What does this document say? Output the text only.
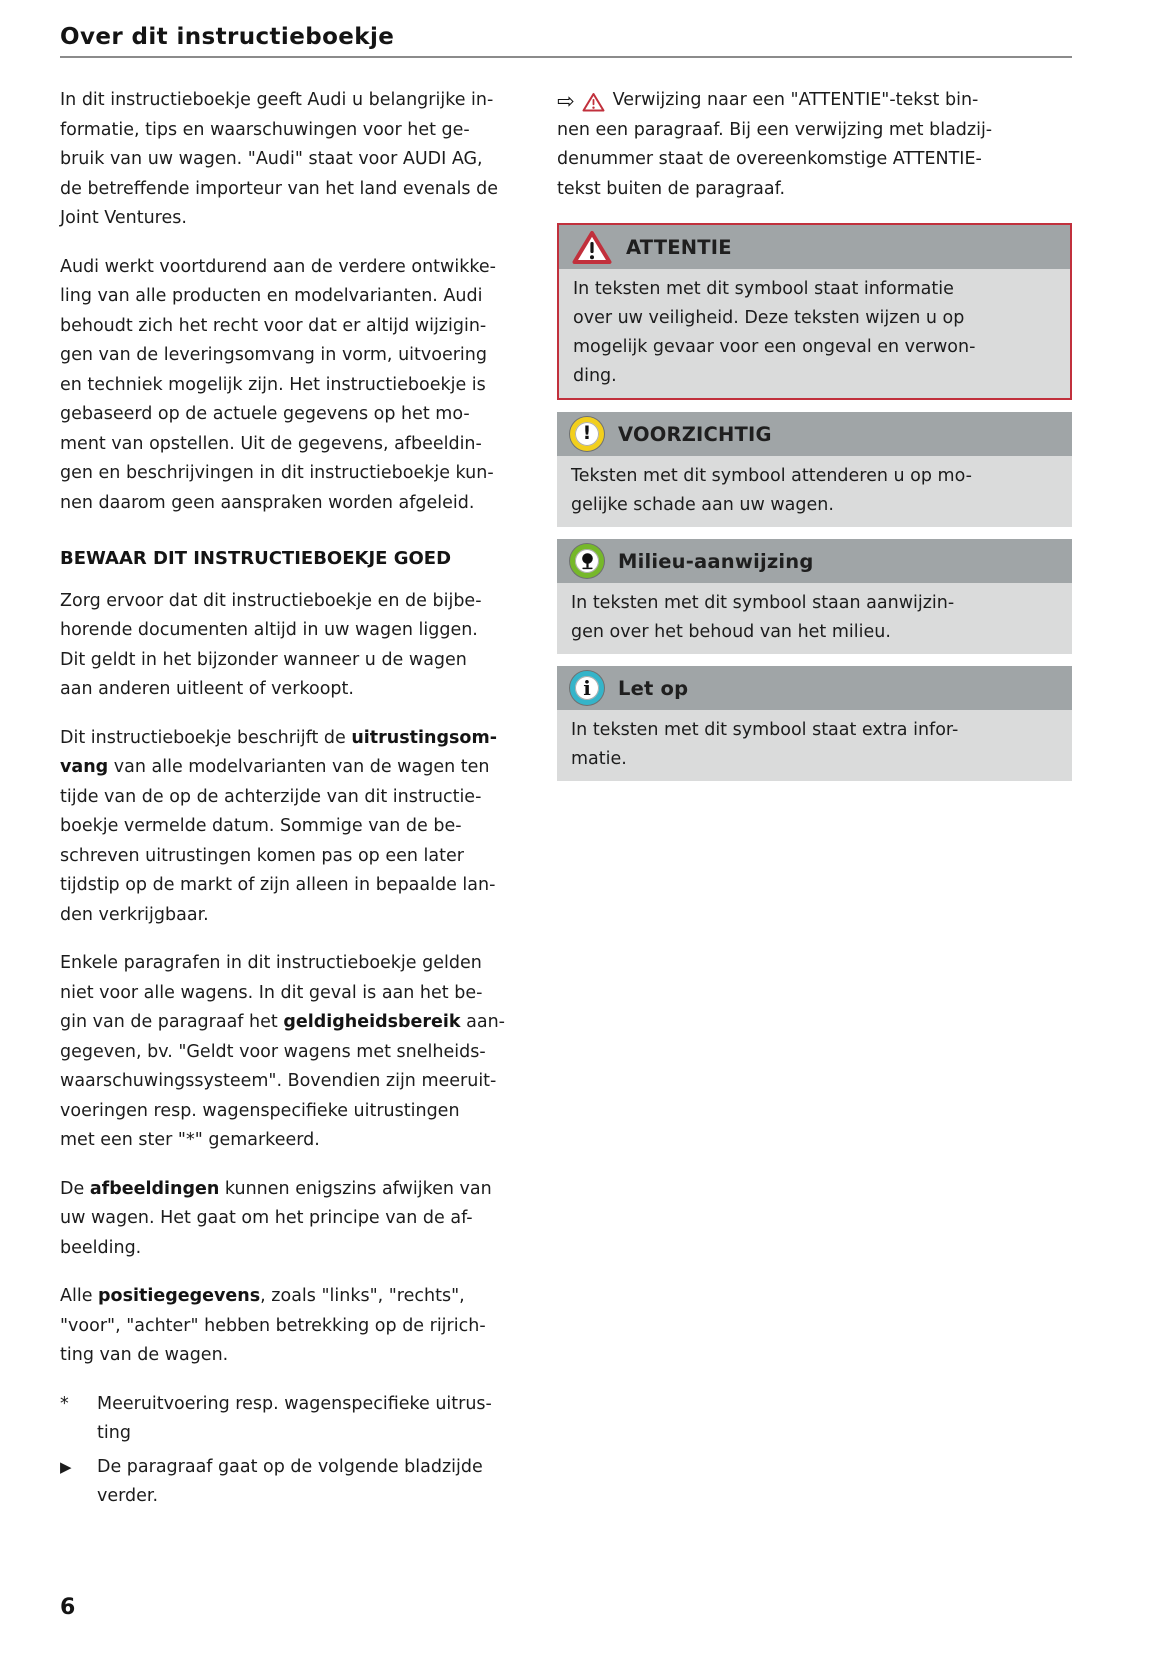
Over dit instructieboekje

In dit instructieboekje geeft Audi u belangrijke in-
formatie, tips en waarschuwingen voor het ge-
bruik van uw wagen. "Audi" staat voor AUDI AG,
de betreffende importeur van het land evenals de
Joint Ventures.

Audi werkt voortdurend aan de verdere ontwikke-
ling van alle producten en modelvarianten. Audi
behoudt zich het recht voor dat er altijd wijzigin-
gen van de leveringsomvang in vorm, uitvoering
en techniek mogelijk zijn. Het instructieboekje is
gebaseerd op de actuele gegevens op het mo-
ment van opstellen. Uit de gegevens, afbeeldin-
gen en beschrijvingen in dit instructieboekje kun-
nen daarom geen aanspraken worden afgeleid.

BEWAAR DIT INSTRUCTIEBOEKJE GOED

Zorg ervoor dat dit instructieboekje en de bijbe-
horende documenten altijd in uw wagen liggen.
Dit geldt in het bijzonder wanneer u de wagen
aan anderen uitleent of verkoopt.

Dit instructieboekje beschrijft de uitrustingsom-
vang van alle modelvarianten van de wagen ten
tijde van de op de achterzijde van dit instructie-
boekje vermelde datum. Sommige van de be-
schreven uitrustingen komen pas op een later
tijdstip op de markt of zijn alleen in bepaalde lan-
den verkrijgbaar.

Enkele paragrafen in dit instructieboekje gelden
niet voor alle wagens. In dit geval is aan het be-
gin van de paragraaf het geldigheidsbereik aan-
gegeven, bv. "Geldt voor wagens met snelheids-
waarschuwingssysteem". Bovendien zijn meeruit-
voeringen resp. wagenspecifieke uitrustingen
met een ster "*" gemarkeerd.

De afbeeldingen kunnen enigszins afwijken van
uw wagen. Het gaat om het principe van de af-
beelding.

Alle positiegegevens, zoals "links", "rechts",
"voor", "achter" hebben betrekking op de rijrich-
ting van de wagen.

*	Meeruitvoering resp. wagenspecifieke uitrus-
ting
▶	De paragraaf gaat op de volgende bladzijde
verder.

⇨ Verwijzing naar een "ATTENTIE"-tekst bin-
nen een paragraaf. Bij een verwijzing met bladzij-
denummer staat de overeenkomstige ATTENTIE-
tekst buiten de paragraaf.

ATTENTIE
In teksten met dit symbool staat informatie
over uw veiligheid. Deze teksten wijzen u op
mogelijk gevaar voor een ongeval en verwon-
ding.
! VOORZICHTIG
Teksten met dit symbool attenderen u op mo-
gelijke schade aan uw wagen.
Milieu-aanwijzing
In teksten met dit symbool staan aanwijzin-
gen over het behoud van het milieu.
i Let op
In teksten met dit symbool staat extra infor-
matie.
6
